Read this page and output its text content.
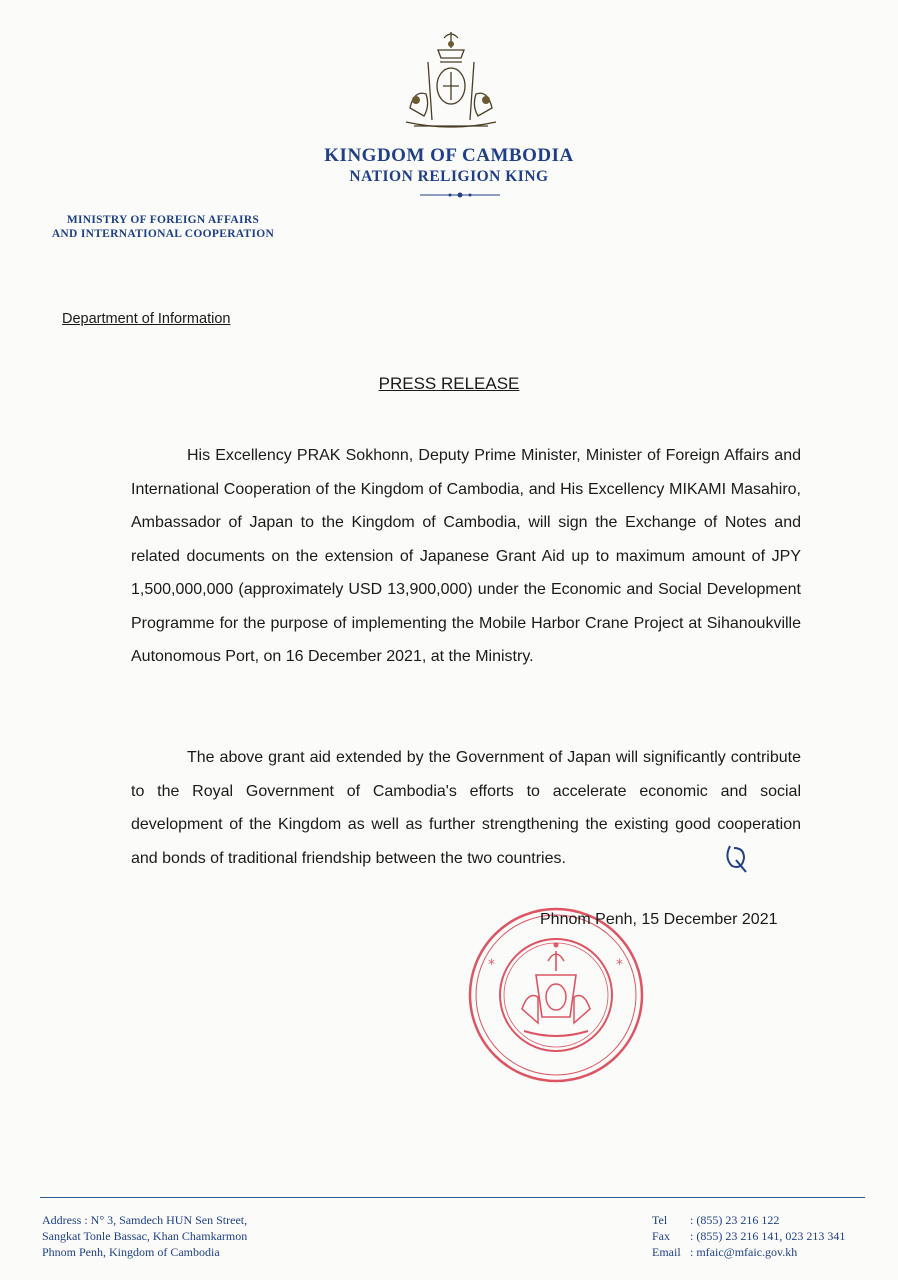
KINGDOM OF CAMBODIA
NATION RELIGION KING
MINISTRY OF FOREIGN AFFAIRS
AND INTERNATIONAL COOPERATION
Department of Information
PRESS RELEASE
His Excellency PRAK Sokhonn, Deputy Prime Minister, Minister of Foreign Affairs and International Cooperation of the Kingdom of Cambodia, and His Excellency MIKAMI Masahiro, Ambassador of Japan to the Kingdom of Cambodia, will sign the Exchange of Notes and related documents on the extension of Japanese Grant Aid up to maximum amount of JPY 1,500,000,000 (approximately USD 13,900,000) under the Economic and Social Development Programme for the purpose of implementing the Mobile Harbor Crane Project at Sihanoukville Autonomous Port, on 16 December 2021, at the Ministry.
The above grant aid extended by the Government of Japan will significantly contribute to the Royal Government of Cambodia's efforts to accelerate economic and social development of the Kingdom as well as further strengthening the existing good cooperation and bonds of traditional friendship between the two countries.
*
*
Phnom Penh, 15 December 2021
Address : N° 3, Samdech HUN Sen Street,
Sangkat Tonle Bassac, Khan Chamkarmon
Phnom Penh, Kingdom of Cambodia
Tel	: (855) 23 216 122
Fax	: (855) 23 216 141, 023 213 341
Email	: mfaic@mfaic.gov.kh
